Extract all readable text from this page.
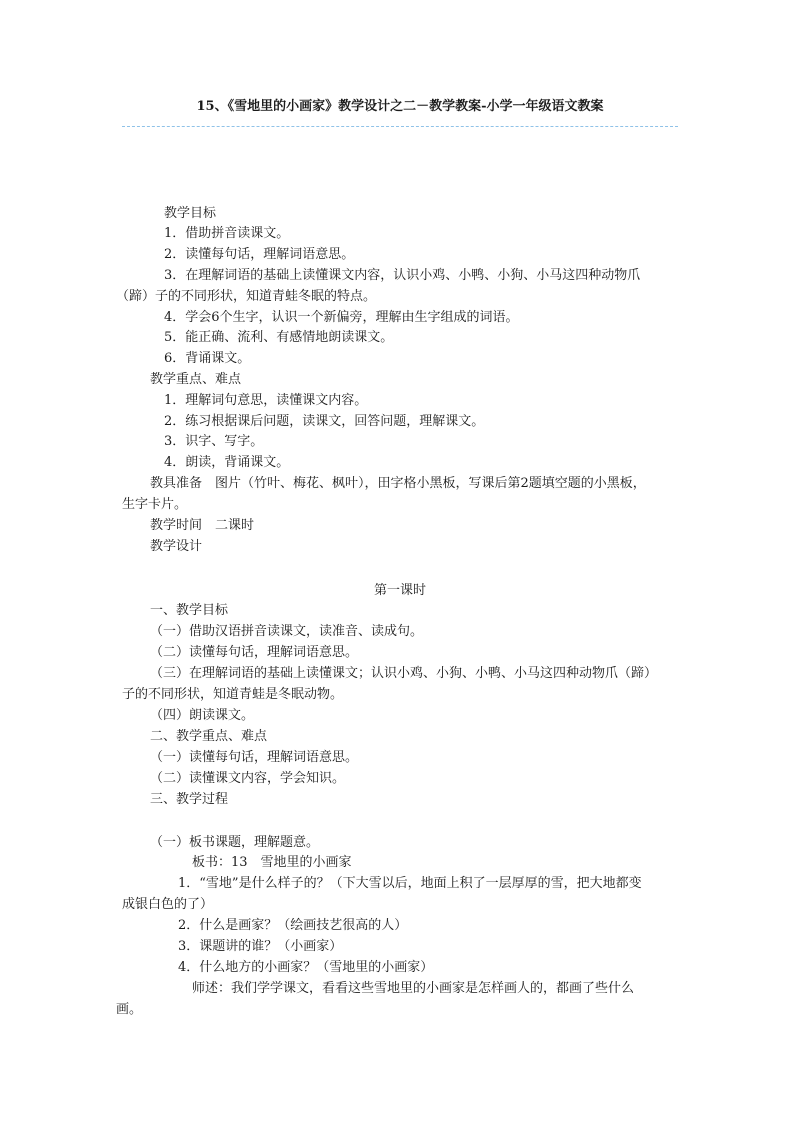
15、《雪地里的小画家》教学设计之二－教学教案-小学一年级语文教案

教学目标

1．借助拼音读课文。

2．读懂每句话，理解词语意思。

3．在理解词语的基础上读懂课文内容，认识小鸡、小鸭、小狗、小马这四种动物爪

（蹄）子的不同形状，知道青蛙冬眠的特点。

4．学会6个生字，认识一个新偏旁，理解由生字组成的词语。

5．能正确、流利、有感情地朗读课文。

6．背诵课文。

教学重点、难点

1．理解词句意思，读懂课文内容。

2．练习根据课后问题，读课文，回答问题，理解课文。

3．识字、写字。

4．朗读，背诵课文。

教具准备　图片（竹叶、梅花、枫叶），田字格小黑板，写课后第2题填空题的小黑板，

生字卡片。

教学时间　二课时

教学设计

第一课时

一、教学目标

（一）借助汉语拼音读课文，读准音、读成句。

（二）读懂每句话，理解词语意思。

（三）在理解词语的基础上读懂课文；认识小鸡、小狗、小鸭、小马这四种动物爪（蹄）

子的不同形状，知道青蛙是冬眠动物。

（四）朗读课文。

二、教学重点、难点

（一）读懂每句话，理解词语意思。

（二）读懂课文内容，学会知识。

三、教学过程

（一）板书课题，理解题意。

板书：13　雪地里的小画家

1．“雪地”是什么样子的？（下大雪以后，地面上积了一层厚厚的雪，把大地都变

成银白色的了）

2．什么是画家？（绘画技艺很高的人）

3．课题讲的谁？（小画家）

4．什么地方的小画家？（雪地里的小画家）

师述：我们学学课文，看看这些雪地里的小画家是怎样画人的，都画了些什么

画。
